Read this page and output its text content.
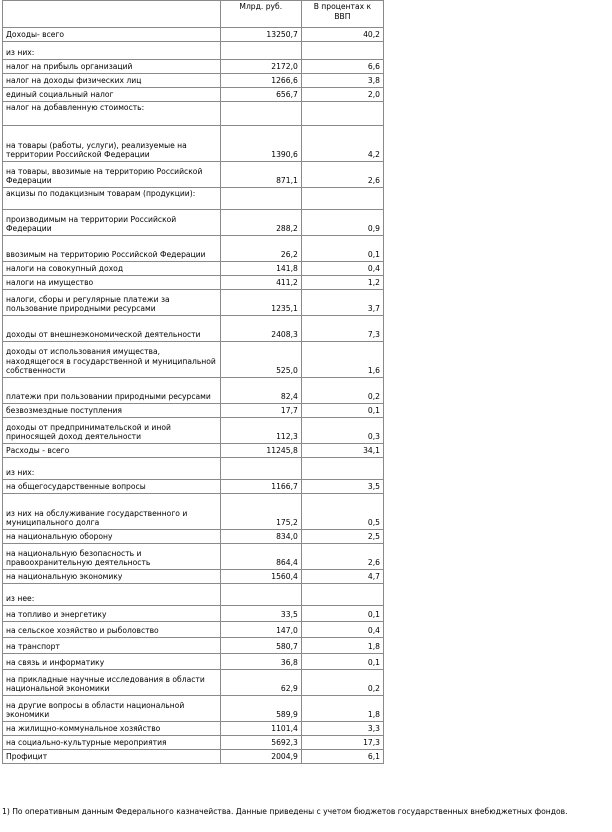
	Млрд. руб.	В процентах к ВВП
Доходы- всего	13250,7	40,2
из них:		
налог на прибыль организаций	2172,0	6,6
налог на доходы физических лиц	1266,6	3,8
единый социальный налог	656,7	2,0
налог на добавленную стоимость:		
на товары (работы, услуги), реализуемые на территории Российской Федерации	1390,6	4,2
на товары, ввозимые на территорию Российской Федерации	871,1	2,6
акцизы по подакцизным товарам (продукции):		
производимым на территории Российской Федерации	288,2	0,9
ввозимым на территорию Российской Федерации	26,2	0,1
налоги на совокупный доход	141,8	0,4
налоги на имущество	411,2	1,2
налоги, сборы и регулярные платежи за пользование природными ресурсами	1235,1	3,7
доходы от внешнеэкономической деятельности	2408,3	7,3
доходы от использования имущества, находящегося в государственной и муниципальной собственности	525,0	1,6
платежи при пользовании природными ресурсами	82,4	0,2
безвозмездные поступления	17,7	0,1
доходы от предпринимательской и иной приносящей доход деятельности	112,3	0,3
Расходы - всего	11245,8	34,1
из них:		
на общегосударственные вопросы	1166,7	3,5
из них на обслуживание государственного и муниципального долга	175,2	0,5
на национальную оборону	834,0	2,5
на национальную безопасность и правоохранительную деятельность	864,4	2,6
на национальную экономику	1560,4	4,7
из нее:		
на топливо и энергетику	33,5	0,1
на сельское хозяйство и рыболовство	147,0	0,4
на транспорт	580,7	1,8
на связь и информатику	36,8	0,1
на прикладные научные исследования в области национальной экономики	62,9	0,2
на другие вопросы в области национальной экономики	589,9	1,8
на жилищно-коммунальное хозяйство	1101,4	3,3
на социально-культурные мероприятия	5692,3	17,3
Профицит	2004,9	6,1
1) По оперативным данным Федерального казначейства. Данные приведены с учетом бюджетов государственных внебюджетных фондов.
